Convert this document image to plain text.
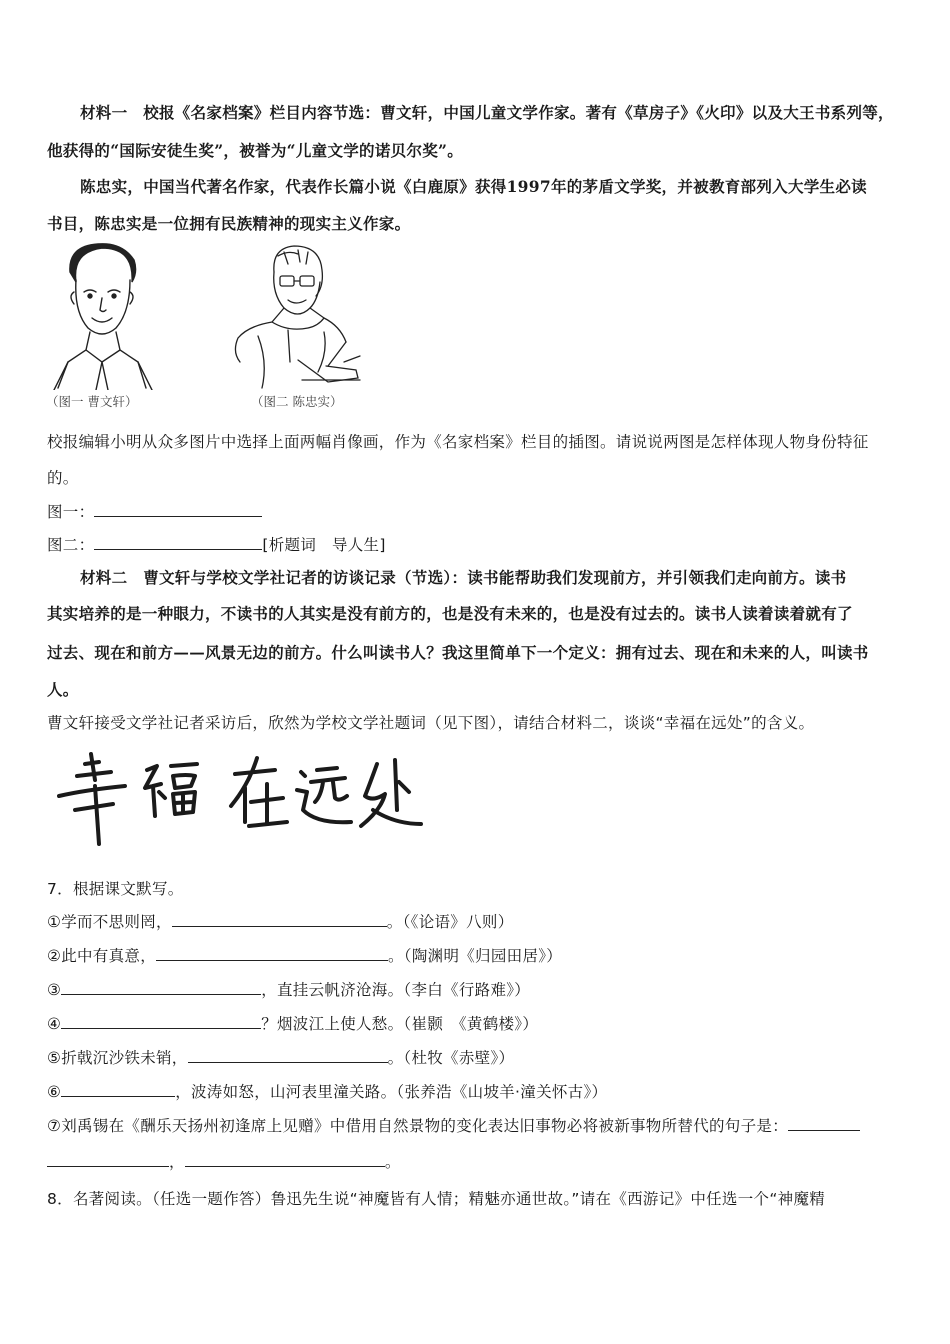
材料一　校报《名家档案》栏目内容节选：曹文轩，中国儿童文学作家。著有《草房子》《火印》以及大王书系列等，
他获得的“国际安徒生奖”，被誉为“儿童文学的诺贝尔奖”。
陈忠实，中国当代著名作家，代表作长篇小说《白鹿原》获得1997年的茅盾文学奖，并被教育部列入大学生必读
书目，陈忠实是一位拥有民族精神的现实主义作家。
（图一 曹文轩）	（图二 陈忠实）
校报编辑小明从众多图片中选择上面两幅肖像画，作为《名家档案》栏目的插图。请说说两图是怎样体现人物身份特征
的。
图一：
图二：	[析题词　导人生]
材料二　曹文轩与学校文学社记者的访谈记录（节选）：读书能帮助我们发现前方，并引领我们走向前方。读书
其实培养的是一种眼力，不读书的人其实是没有前方的，也是没有未来的，也是没有过去的。读书人读着读着就有了
过去、现在和前方——风景无边的前方。什么叫读书人？我这里简单下一个定义：拥有过去、现在和未来的人，叫读书
人。
曹文轩接受文学社记者采访后，欣然为学校文学社题词（见下图），请结合材料二，谈谈“幸福在远处”的含义。
7．根据课文默写。
①学而不思则罔，	。（《论语》八则）
②此中有真意，	。（陶渊明《归园田居》）
③	，直挂云帆济沧海。（李白《行路难》）
④	？烟波江上使人愁。（崔颢　《黄鹤楼》）
⑤折戟沉沙铁未销，	。（杜牧《赤壁》）
⑥	，波涛如怒，山河表里潼关路。（张养浩《山坡羊·潼关怀古》）
⑦刘禹锡在《酬乐天扬州初逢席上见赠》中借用自然景物的变化表达旧事物必将被新事物所替代的句子是：
，	。
8．名著阅读。（任选一题作答）鲁迅先生说“神魔皆有人情；精魅亦通世故。”请在《西游记》中任选一个“神魔精
